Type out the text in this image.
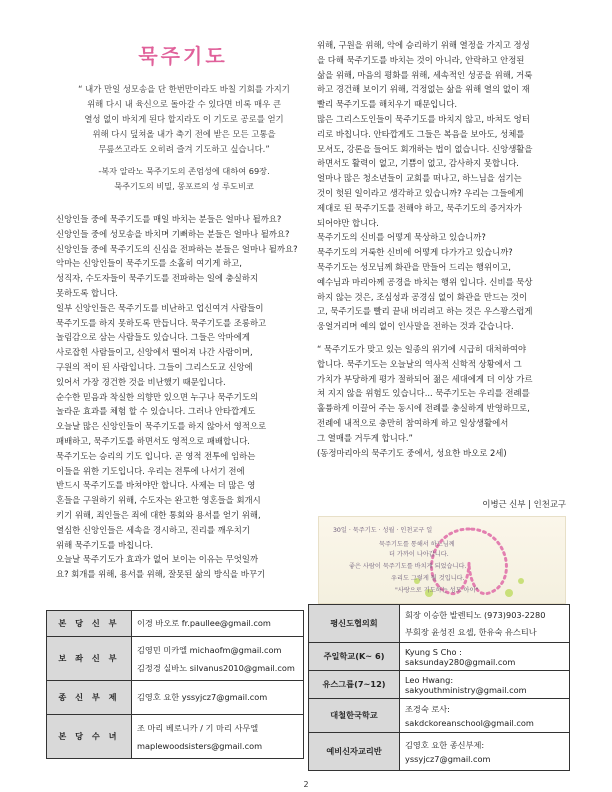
묵주기도
“ 내가 만일 성모송을 단 한번만이라도 바칠 기회를 가지기
위해 다시 내 육신으로 돌아갈 수 있다면 비록 매우 큰
열성 없이 바치게 된다 할지라도 이 기도로 공로를 얻기
위해 다시 덮쳐올 내가 축기 전에 받은 모든 고통을
무릎쓰고라도 오히려 즐겨 기도하고 싶습니다.”
-복자 알라노 묵주기도의 존엄성에 대하여 69장.
묵주기도의 비밀, 몽포르의 성 루도비코

신앙인들 중에 묵주기도를 매일 바치는 분들은 얼마나 될까요?

신앙인들 중에 성모송을 바치며 기뻐하는 분들은 얼마나 될까요?

신앙인들 중에 묵주기도의 신심을 전파하는 분들은 얼마나 될까요?

악마는 신앙인들이 묵주기도를 소홀히 여기게 하고,

성직자, 수도자들이 묵주기도를 전파하는 일에 충실하지

못하도록 합니다.

일부 신앙인들은 묵주기도를 비난하고 업신여겨 사람들이

묵주기도를 하지 못하도록 만듭니다. 묵주기도를 조롱하고

놀림감으로 삼는 사람들도 있습니다. 그들은 악마에게

사로잡힌 사람들이고, 신앙에서 떨어져 나간 사람이며,

구원의 적이 된 사람입니다. 그들이 그리스도교 신앙에

있어서 가장 경건한 것을 비난했기 때문입니다.

순수한 믿음과 착실한 의향만 있으면 누구나 묵주기도의

놀라운 효과를 체험 할 수 있습니다. 그러나 안타깝게도

오늘날 많은 신앙인들이 묵주기도를 하지 않아서 영적으로

패배하고, 묵주기도를 하면서도 영적으로 패배합니다.

묵주기도는 승리의 기도 입니다. 곧 영적 전투에 임하는

이들을 위한 기도입니다. 우리는 전투에 나서기 전에

반드시 묵주기도를 바쳐야만 합니다. 사제는 더 많은 영

혼들을 구원하기 위해, 수도자는 완고한 영혼들을 회개시

키기 위해, 죄인들은 죄에 대한 통회와 용서를 얻기 위해,

열심한 신앙인들은 세속을 경시하고, 진리를 깨우치기

위해 묵주기도를 바칩니다.

오늘날 묵주기도가 효과가 없어 보이는 이유는 무엇일까

요? 회개를 위해, 용서를 위해, 잘못된 삶의 방식을 바꾸기

위해, 구원을 위해, 악에 승리하기 위해 열정을 가지고 정성

을 다해 묵주기도를 바치는 것이 아니라, 안락하고 안정된

삶을 위해, 마음의 평화를 위해, 세속적인 성공을 위해, 거룩

하고 경건해 보이기 위해, 걱정없는 삶을 위해 열의 없이 재

빨리 묵주기도를 해치우기 때문입니다.

많은 그리스도인들이 묵주기도를 바치지 않고, 바쳐도 엉터

리로 바칩니다. 안타깝게도 그들은 복음을 보아도, 성체를

모셔도, 강론을 들어도 회개하는 법이 없습니다. 신앙생활을

하면서도 활력이 없고, 기쁨이 없고, 감사하지 못합니다.

얼마나 많은 청소년들이 교회를 떠나고, 하느님을 섬기는

것이 헛된 일이라고 생각하고 있습니까? 우리는 그들에게

제대로 된 묵주기도를 전해야 하고, 묵주기도의 증거자가

되어야만 합니다.

묵주기도의 신비를 어떻게 묵상하고 있습니까?

묵주기도의 거룩한 신비에 어떻게 다가가고 있습니까?

묵주기도는 성모님께 화관을 만들어 드리는 행위이고,

예수님과 마리아께 공경을 바치는 행위 입니다. 신비를 묵상

하지 않는 것은, 조심성과 공경심 없이 화관을 만드는 것이

고, 묵주기도를 빨리 끝내 버리려고 하는 것은 우스꽝스럽게

웅얼거리며 예의 없이 인사말을 전하는 것과 같습니다.

“ 묵주기도가 맞고 있는 일종의 위기에 시급히 대처하여야

합니다. 묵주기도는 오늘날의 역사적 신학적 상황에서 그

가치가 부당하게 평가 절하되어 젊은 세대에게 더 이상 가르

쳐 지지 않을 위험도 있습니다... 묵주기도는 우리를 전례를

훌륭하게 이끌어 주는 동시에 전례를 충실하게 반영하므로,

전례에 내적으로 충만히 참여하게 하고 일상생활에서

그 열매를 거두게 합니다.”

(동정마리아의 묵주기도 중에서, 성요한 바오로 2세)

이병근 신부 | 인천교구
30일 · 묵주기도 · 성월 · 인천교구 일
묵주기도를 통해서 하느님께
더 가까이 나아갑니다.
좋은 사람이 묵주기도를 바치게 되었습니다.
우리도 그렇게 될 것입니다.
"사랑으로 기도하는 성모 아이"
본 당 신 부	이경 바오로 fr.paullee@gmail.com

보 좌 신 부	김영민 미카엘 michaofm@gmail.com
김정경 실바노 silvanus2010@gmail.com

종 신 부 제	김영호 요한 yssyjcz7@gmail.com

본 당 수 녀	조 마리 베로니카 / 기 마리 사무엘
maplewoodsisters@gmail.com
평신도협의회	회장 이승한 발렌티노 (973)903-2280
부회장 윤성진 요셉, 한유숙 유스티나

주일학교(K~ 6)	Kyung S Cho : saksunday280@gmail.com

유스그룹(7~12)	Leo Hwang: sakyouthministry@gmail.com

대철한국학교	조경숙 로사:
sakdckoreanschool@gmail.com

예비신자교리반	김영호 요한 종신부제:
yssyjcz7@gmail.com
2
